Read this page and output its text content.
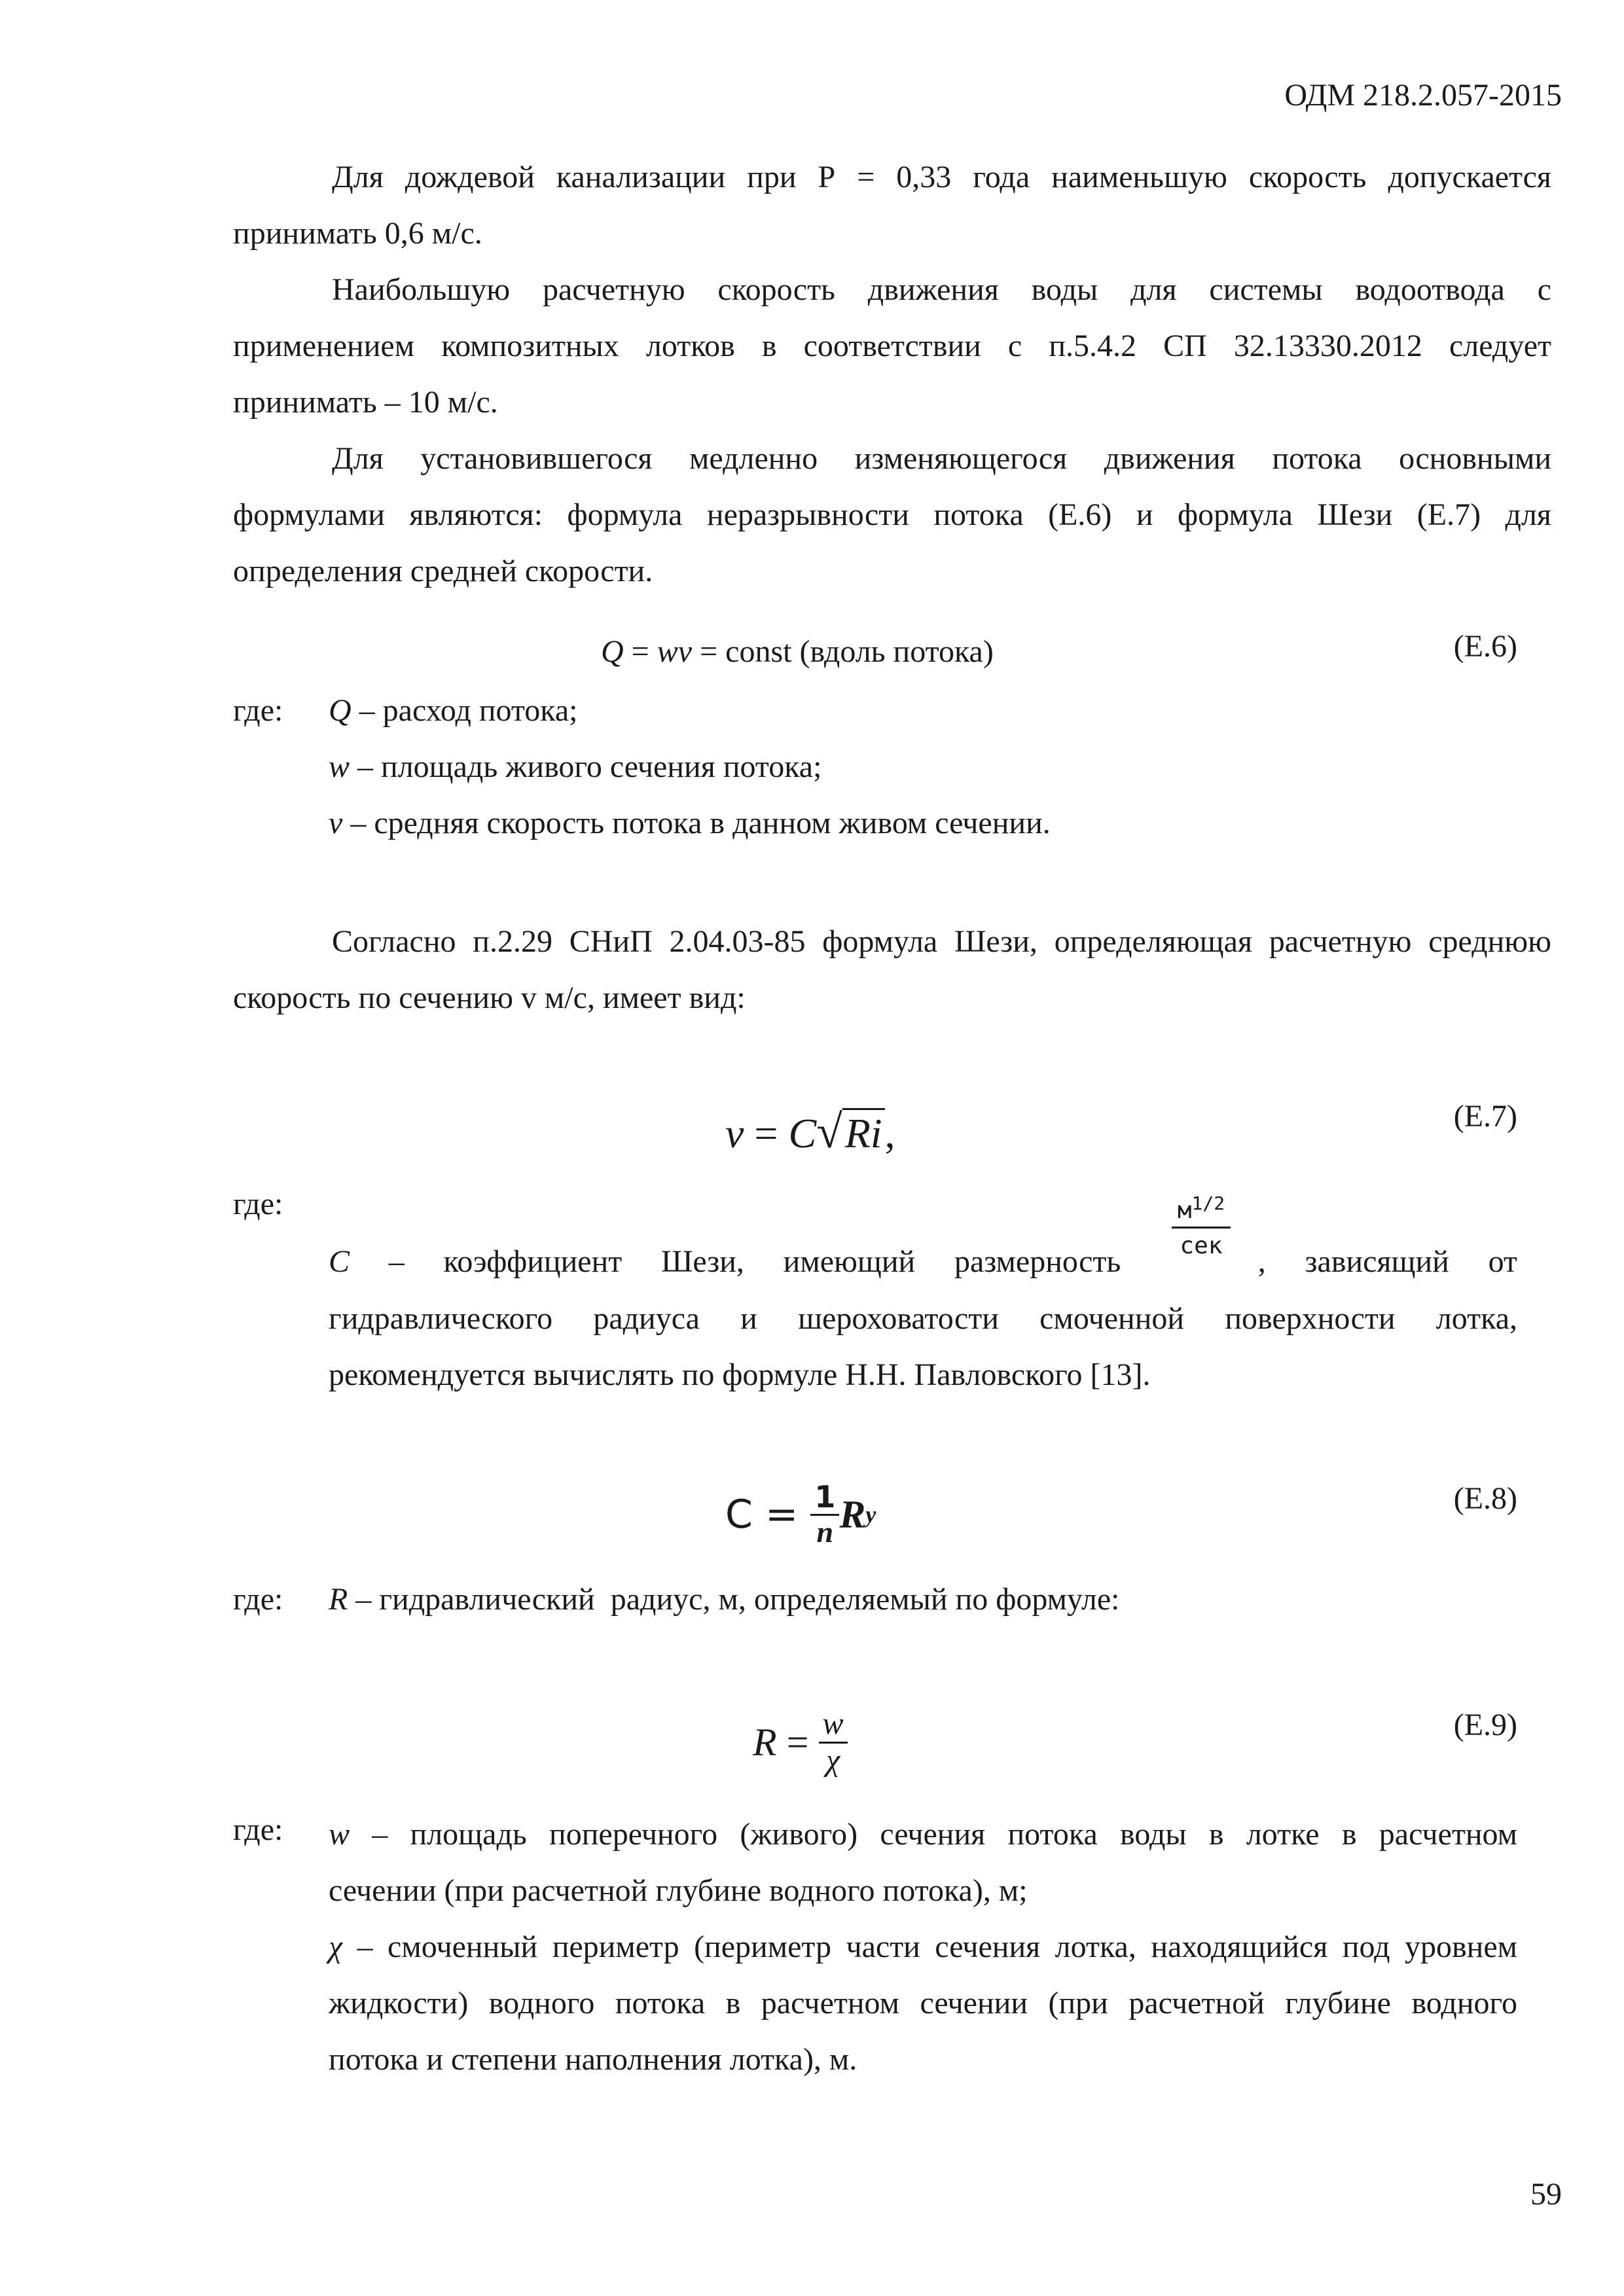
ОДМ 218.2.057-2015
Для дождевой канализации при Р = 0,33 года наименьшую скорость допускается
принимать 0,6 м/с.
Наибольшую расчетную скорость движения воды для системы водоотвода с
применением композитных лотков в соответствии с п.5.4.2 СП 32.13330.2012 следует
принимать – 10 м/с.
Для установившегося медленно изменяющегося движения потока основными
формулами являются: формула неразрывности потока (Е.6) и формула Шези (Е.7) для
определения средней скорости.
Q = wv = const (вдоль потока)	(Е.6)
где: Q – расход потока;
w – площадь живого сечения потока;
v – средняя скорость потока в данном живом сечении.
Согласно п.2.29 СНиП 2.04.03-85 формула Шези, определяющая расчетную среднюю
скорость по сечению v м/с, имеет вид:
v = C√Ri,	(Е.7)
где:	$м^{1/2}$
сек
C – коэффициент Шези, имеющий размерность	, зависящий от
гидравлического радиуса и шероховатости смоченной поверхности лотка,
рекомендуется вычислять по формуле Н.Н. Павловского [13].
$C = \frac{1}{n}$ R y	(Е.8)
где: R – гидравлический  радиус, м, определяемый по формуле:
$R = \frac{w}{\chi}$	(Е.9)
где: w – площадь поперечного (живого) сечения потока воды в лотке в расчетном
сечении (при расчетной глубине водного потока), м;
χ – смоченный периметр (периметр части сечения лотка, находящийся под уровнем
жидкости) водного потока в расчетном сечении (при расчетной глубине водного
потока и степени наполнения лотка), м.
59
